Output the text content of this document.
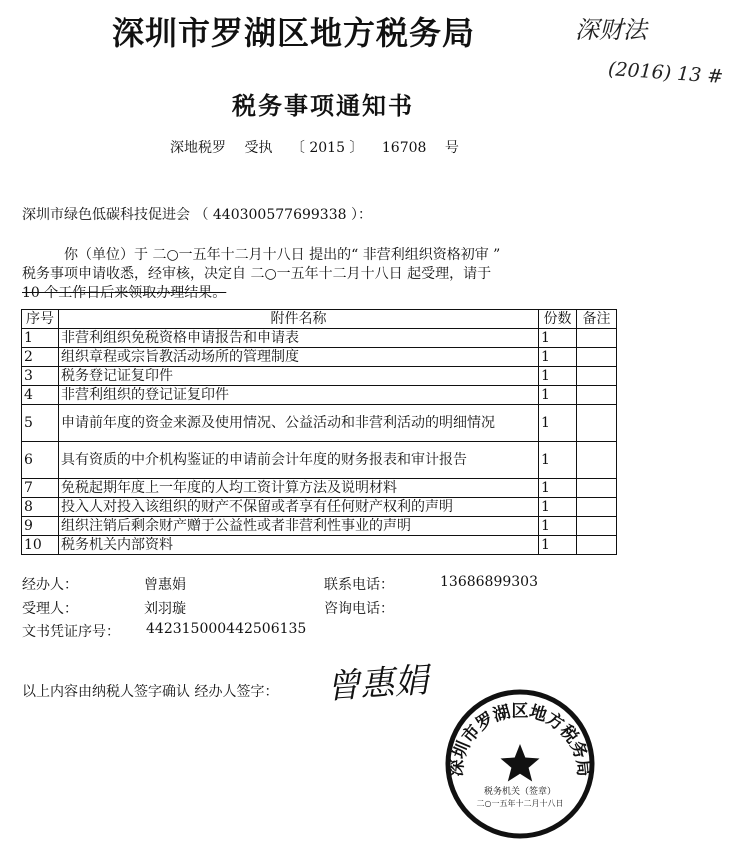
深圳市罗湖区地方税务局	深财法
(2016) 13 #
税务事项通知书
深地税罗 受执 〔 2015 〕 16708 号
深圳市绿色低碳科技促进会 （ 440300577699338 ）：
你（单位）于 二○一五年十二月十八日 提出的“ 非营利组织资格初审 ”
税务事项申请收悉，经审核，决定自 二○一五年十二月十八日 起受理，请于
10 个工作日后来领取办理结果。
序号	附件名称	份数	备注
1	非营利组织免税资格申请报告和申请表	1	
2	组织章程或宗旨教活动场所的管理制度	1	
3	税务登记证复印件	1	
4	非营利组织的登记证复印件	1	
5	申请前年度的资金来源及使用情况、公益活动和非营利活动的明细情况	1	
6	具有资质的中介机构鉴证的申请前会计年度的财务报表和审计报告	1	
7	免税起期年度上一年度的人均工资计算方法及说明材料	1	
8	投入人对投入该组织的财产不保留或者享有任何财产权利的声明	1	
9	组织注销后剩余财产赠于公益性或者非营利性事业的声明	1	
10	税务机关内部资料	1	
经办人：	曾惠娟	联系电话：	13686899303
受理人：	刘羽璇	咨询电话：
文书凭证序号： 442315000442506135
以上内容由纳税人签字确认 经办人签字： 曾惠娟
深圳市罗湖区地方税务局
税务机关（签章）
二○一五年十二月十八日
